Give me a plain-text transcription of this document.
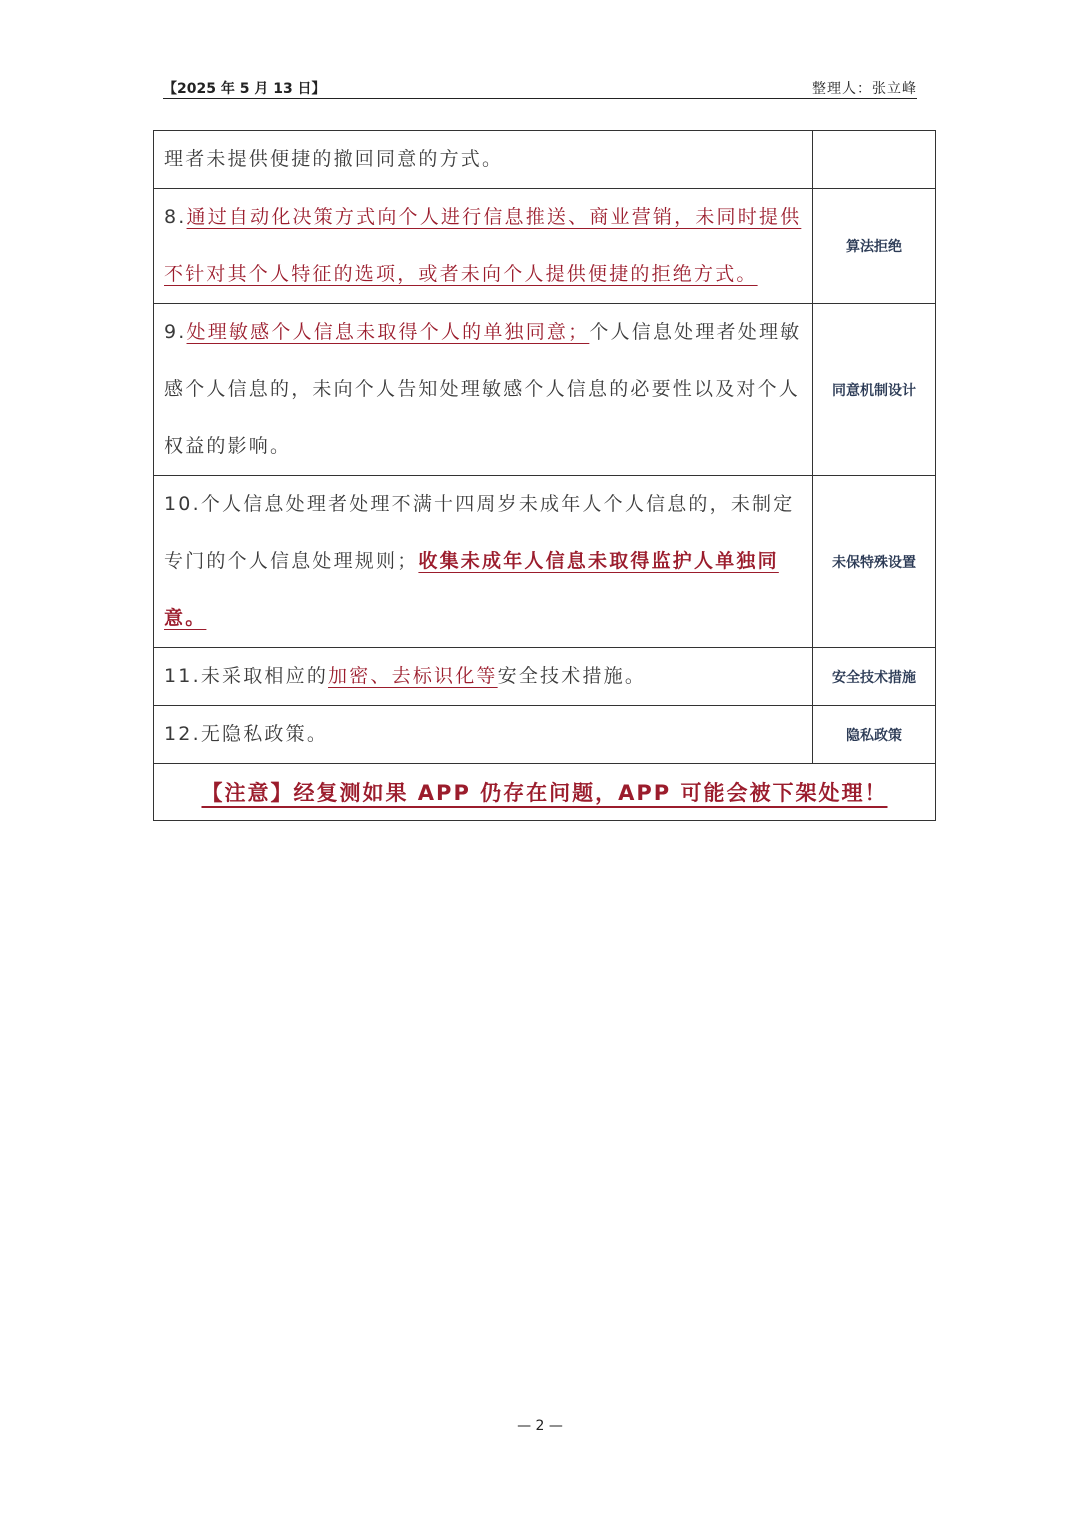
【2025 年 5 月 13 日】	整理人：张立峰
理者未提供便捷的撤回同意的方式。	
8.通过自动化决策方式向个人进行信息推送、商业营销，未同时提供不针对其个人特征的选项，或者未向个人提供便捷的拒绝方式。	算法拒绝
9.处理敏感个人信息未取得个人的单独同意；个人信息处理者处理敏感个人信息的，未向个人告知处理敏感个人信息的必要性以及对个人权益的影响。	同意机制设计
10.个人信息处理者处理不满十四周岁未成年人个人信息的，未制定专门的个人信息处理规则；收集未成年人信息未取得监护人单独同意。	未保特殊设置
11.未采取相应的加密、去标识化等安全技术措施。	安全技术措施
12.无隐私政策。	隐私政策
【注意】经复测如果 APP 仍存在问题，APP 可能会被下架处理！	
— 2 —
